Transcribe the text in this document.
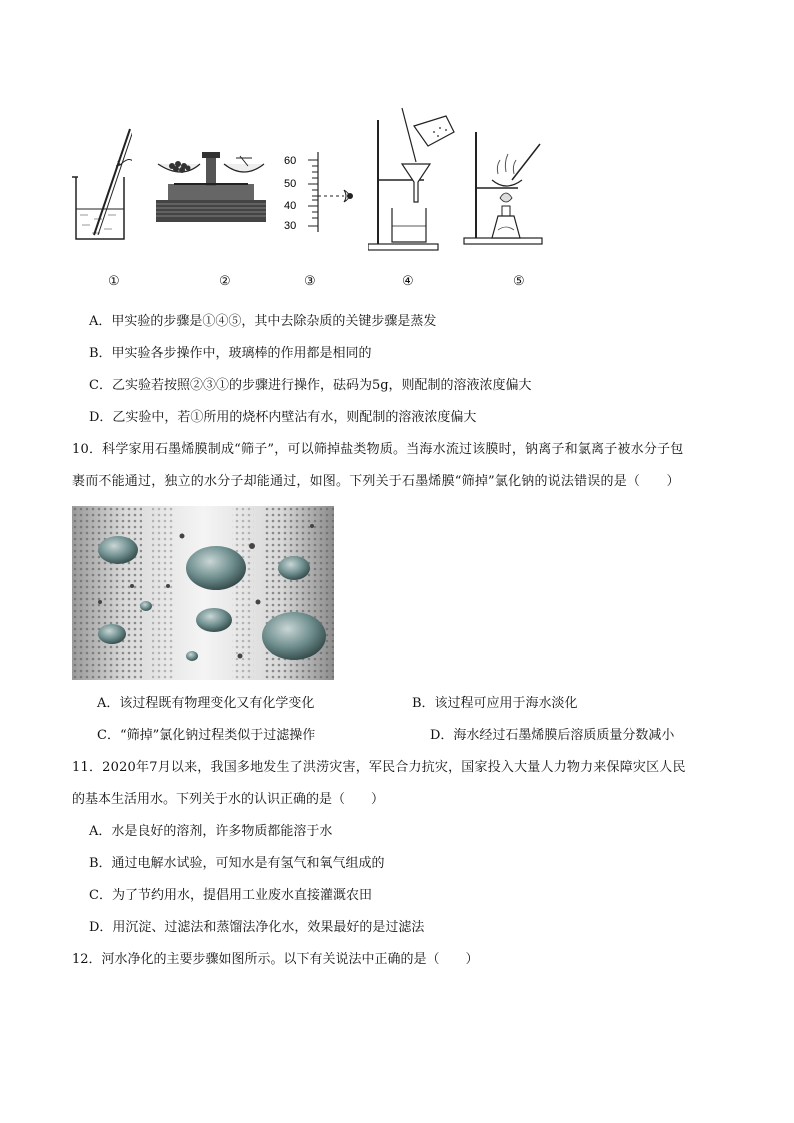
60
50
40
30
①	②	③	④	⑤
A．甲实验的步骤是①④⑤，其中去除杂质的关键步骤是蒸发
B．甲实验各步操作中，玻璃棒的作用都是相同的
C．乙实验若按照②③①的步骤进行操作，砝码为5g，则配制的溶液浓度偏大
D．乙实验中，若①所用的烧杯内壁沾有水，则配制的溶液浓度偏大
10．科学家用石墨烯膜制成“筛子”，可以筛掉盐类物质。当海水流过该膜时，钠离子和氯离子被水分子包
裹而不能通过，独立的水分子却能通过，如图。下列关于石墨烯膜“筛掉”氯化钠的说法错误的是（　　）
A．该过程既有物理变化又有化学变化	B．该过程可应用于海水淡化
C．“筛掉”氯化钠过程类似于过滤操作	D．海水经过石墨烯膜后溶质质量分数减小
11．2020年7月以来，我国多地发生了洪涝灾害，军民合力抗灾，国家投入大量人力物力来保障灾区人民
的基本生活用水。下列关于水的认识正确的是（　　）
A．水是良好的溶剂，许多物质都能溶于水
B．通过电解水试验，可知水是有氢气和氧气组成的
C．为了节约用水，提倡用工业废水直接灌溉农田
D．用沉淀、过滤法和蒸馏法净化水，效果最好的是过滤法
12．河水净化的主要步骤如图所示。以下有关说法中正确的是（　　）
